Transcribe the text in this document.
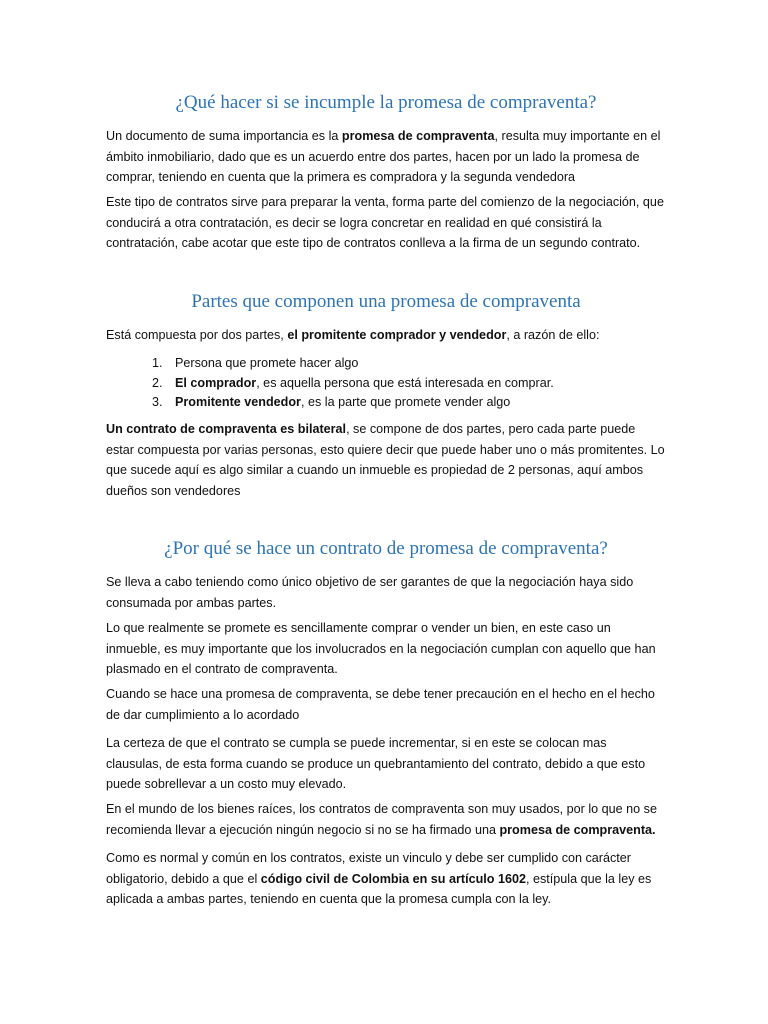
¿Qué hacer si se incumple la promesa de compraventa?

Un documento de suma importancia es la promesa de compraventa, resulta muy importante en el ámbito inmobiliario, dado que es un acuerdo entre dos partes, hacen por un lado la promesa de comprar, teniendo en cuenta que la primera es compradora y la segunda vendedora

Este tipo de contratos sirve para preparar la venta, forma parte del comienzo de la negociación, que conducirá a otra contratación, es decir se logra concretar en realidad en qué consistirá la contratación, cabe acotar que este tipo de contratos conlleva a la firma de un segundo contrato.

Partes que componen una promesa de compraventa

Está compuesta por dos partes, el promitente comprador y vendedor, a razón de ello:

1. Persona que promete hacer algo
2. El comprador, es aquella persona que está interesada en comprar.
3. Promitente vendedor, es la parte que promete vender algo

Un contrato de compraventa es bilateral, se compone de dos partes, pero cada parte puede estar compuesta por varias personas, esto quiere decir que puede haber uno o más promitentes. Lo que sucede aquí es algo similar a cuando un inmueble es propiedad de 2 personas, aquí ambos dueños son vendedores

¿Por qué se hace un contrato de promesa de compraventa?

Se lleva a cabo teniendo como único objetivo de ser garantes de que la negociación haya sido consumada por ambas partes.

Lo que realmente se promete es sencillamente comprar o vender un bien, en este caso un inmueble, es muy importante que los involucrados en la negociación cumplan con aquello que han plasmado en el contrato de compraventa.

Cuando se hace una promesa de compraventa, se debe tener precaución en el hecho en el hecho de dar cumplimiento a lo acordado

La certeza de que el contrato se cumpla se puede incrementar, si en este se colocan mas clausulas, de esta forma cuando se produce un quebrantamiento del contrato, debido a que esto puede sobrellevar a un costo muy elevado.

En el mundo de los bienes raíces, los contratos de compraventa son muy usados, por lo que no se recomienda llevar a ejecución ningún negocio si no se ha firmado una promesa de compraventa.

Como es normal y común en los contratos, existe un vinculo y debe ser cumplido con carácter obligatorio, debido a que el código civil de Colombia en su artículo 1602, estípula que la ley es aplicada a ambas partes, teniendo en cuenta que la promesa cumpla con la ley.
